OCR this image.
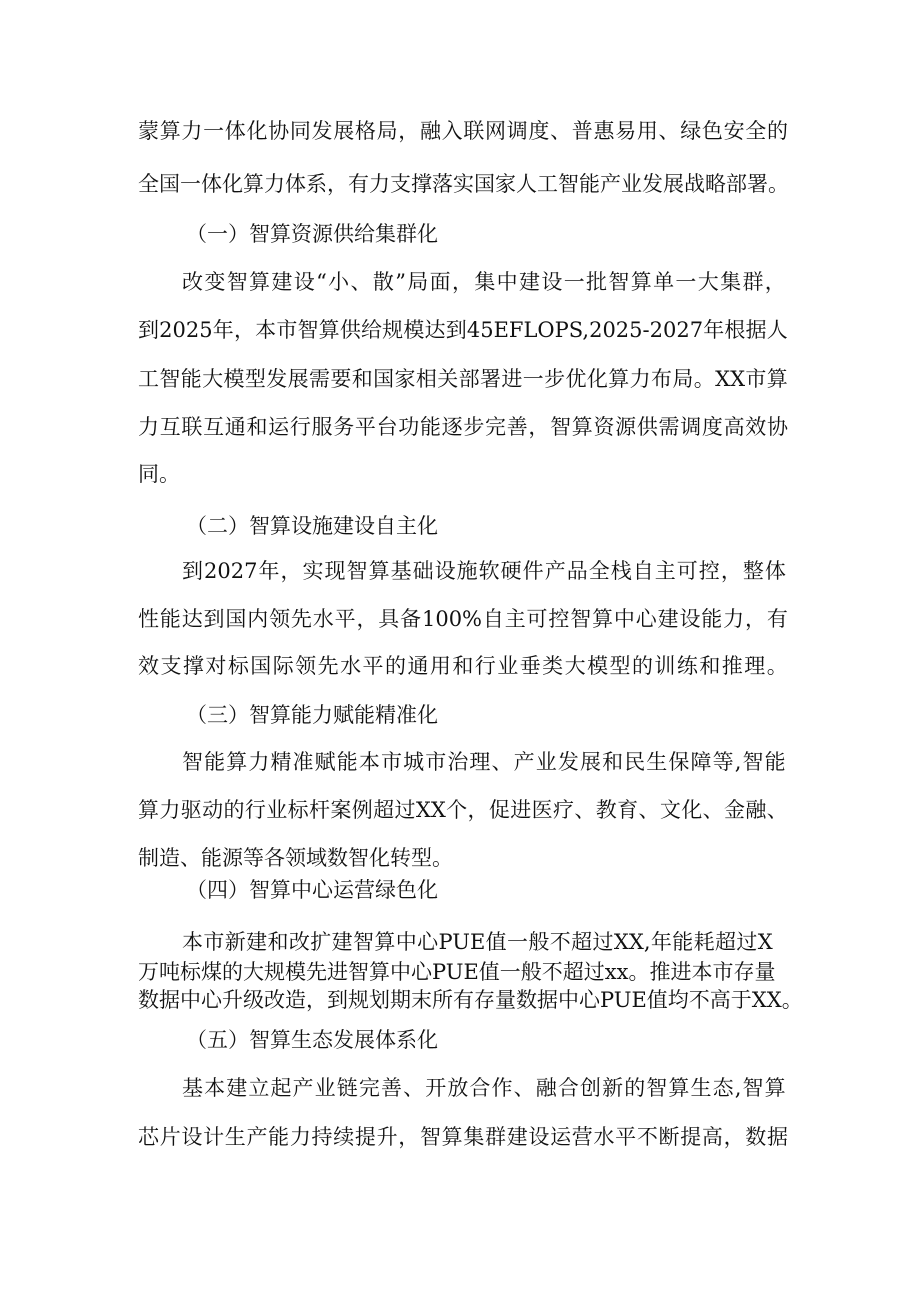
蒙 算 力 一 体 化 协 同 发 展 格 局 ， 融 入 联 网 调 度 、 普 惠 易 用 、 绿 色 安 全 的
全 国 一 体 化 算 力 体 系 ， 有 力 支 撑 落 实 国 家 人 工 智 能 产 业 发 展 战 略 部 署 。
（一）智算资源供给集群化
改 变 智 算 建 设 “ 小 、 散 ” 局 面 ， 集 中 建 设 一 批 智 算 单 一 大 集 群 ，
到 2025 年 ， 本 市 智 算 供 给 规 模 达 到 45EFLOPS,2025-2027 年 根 据 人
工 智 能 大 模 型 发 展 需 要 和 国 家 相 关 部 署 进 一 步 优 化 算 力 布 局 。 XX 市 算
力 互 联 互 通 和 运 行 服 务 平 台 功 能 逐 步 完 善 ， 智 算 资 源 供 需 调 度 高 效 协
同。
（二）智算设施建设自主化
到 2027 年 ， 实 现 智 算 基 础 设 施 软 硬 件 产 品 全 栈 自 主 可 控 ， 整 体
性 能 达 到 国 内 领 先 水 平 ， 具 备 100% 自 主 可 控 智 算 中 心 建 设 能 力 ， 有
效 支 撑 对 标 国 际 领 先 水 平 的 通 用 和 行 业 垂 类 大 模 型 的 训 练 和 推 理 。
（三）智算能力赋能精准化
智 能 算 力 精 准 赋 能 本 市 城 市 治 理 、 产 业 发 展 和 民 生 保 障 等 , 智 能
算 力 驱 动 的 行 业 标 杆 案 例 超 过 XX 个 ， 促 进 医 疗 、 教 育 、 文 化 、 金 融 、
制造、能源等各领域数智化转型。
（四）智算中心运营绿色化
本 市 新 建 和 改 扩 建 智 算 中 心 PUE 值 一 般 不 超 过 XX, 年 能 耗 超 过 X
万 吨 标 煤 的 大 规 模 先 进 智 算 中 心 PUE 值 一 般 不 超 过 xx 。 推 进 本 市 存 量
数 据 中 心 升 级 改 造 ， 到 规 划 期 末 所 有 存 量 数 据 中 心 PUE 值 均 不 高 于 XX 。
（五）智算生态发展体系化
基 本 建 立 起 产 业 链 完 善 、 开 放 合 作 、 融 合 创 新 的 智 算 生 态 , 智 算
芯 片 设 计 生 产 能 力 持 续 提 升 ， 智 算 集 群 建 设 运 营 水 平 不 断 提 高 ， 数 据
